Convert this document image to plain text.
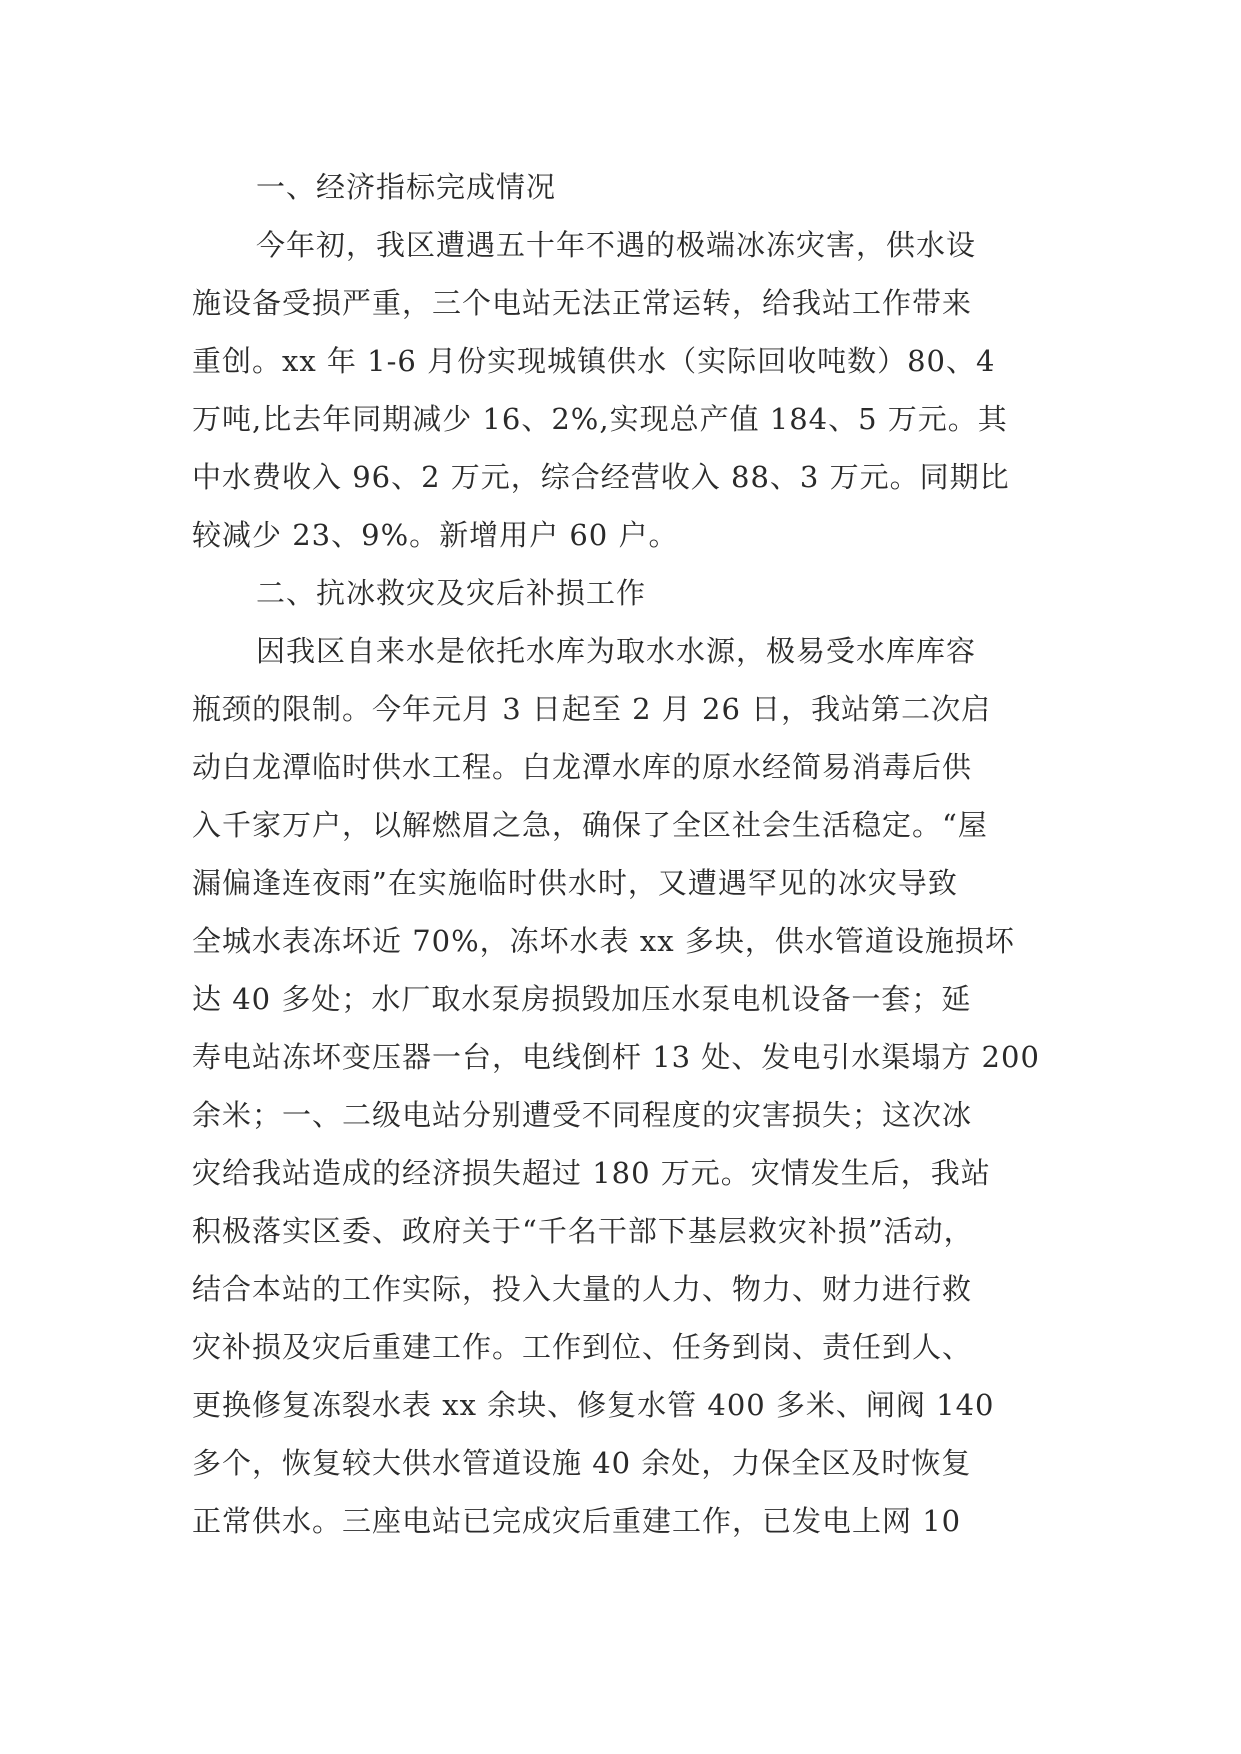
一、经济指标完成情况
今年初，我区遭遇五十年不遇的极端冰冻灾害，供水设
施设备受损严重，三个电站无法正常运转，给我站工作带来
重创。xx 年 1-6 月份实现城镇供水（实际回收吨数）80、4
万吨,比去年同期减少 16、2%,实现总产值 184、5 万元。其
中水费收入 96、2 万元，综合经营收入 88、3 万元。同期比
较减少 23、9%。新增用户 60 户。
二、抗冰救灾及灾后补损工作
因我区自来水是依托水库为取水水源，极易受水库库容
瓶颈的限制。今年元月 3 日起至 2 月 26 日，我站第二次启
动白龙潭临时供水工程。白龙潭水库的原水经简易消毒后供
入千家万户，以解燃眉之急，确保了全区社会生活稳定。“屋
漏偏逢连夜雨”在实施临时供水时，又遭遇罕见的冰灾导致
全城水表冻坏近 70%，冻坏水表 xx 多块，供水管道设施损坏
达 40 多处；水厂取水泵房损毁加压水泵电机设备一套；延
寿电站冻坏变压器一台，电线倒杆 13 处、发电引水渠塌方 200
余米；一、二级电站分别遭受不同程度的灾害损失；这次冰
灾给我站造成的经济损失超过 180 万元。灾情发生后，我站
积极落实区委、政府关于“千名干部下基层救灾补损”活动，
结合本站的工作实际，投入大量的人力、物力、财力进行救
灾补损及灾后重建工作。工作到位、任务到岗、责任到人、
更换修复冻裂水表 xx 余块、修复水管 400 多米、闸阀 140
多个，恢复较大供水管道设施 40 余处，力保全区及时恢复
正常供水。三座电站已完成灾后重建工作，已发电上网 10
